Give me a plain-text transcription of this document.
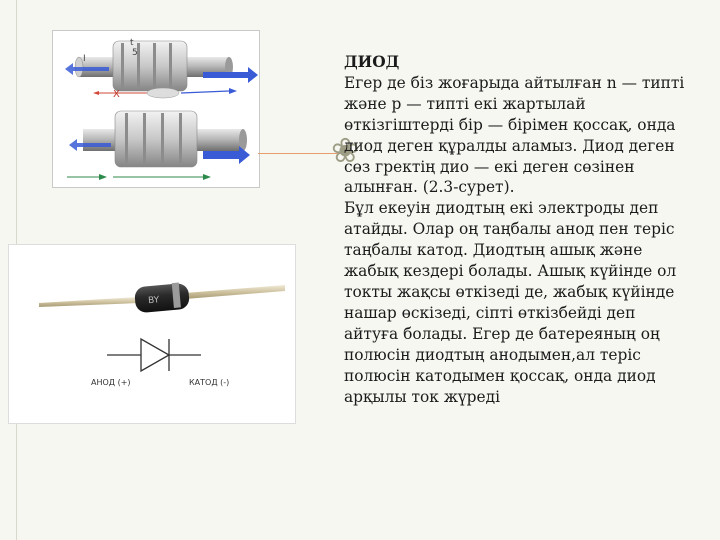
I
t
5
X
❀
ДИОД

Егер де біз жоғарыда айтылған n — типті және p — типті екі жартылай өткізгіштерді бір — бірімен қоссақ, онда диод деген құралды аламыз. Диод деген сөз гректің дио — екі деген сөзінен алынған. (2.3-сурет).

Бұл екеуін диодтың екі электроды деп атайды. Олар оң таңбалы анод пен теріс таңбалы катод. Диодтың ашық және жабық кездері болады. Ашық күйінде ол токты жақсы өткізеді де, жабық күйінде нашар өскізеді, сіпті өткізбейді деп айтуға болады. Егер де батереяның оң полюсін диодтың анодымен,ал теріс полюсін катодымен қоссақ, онда диод арқылы ток жүреді

BY
АНОД (+)	КАТОД (-)
